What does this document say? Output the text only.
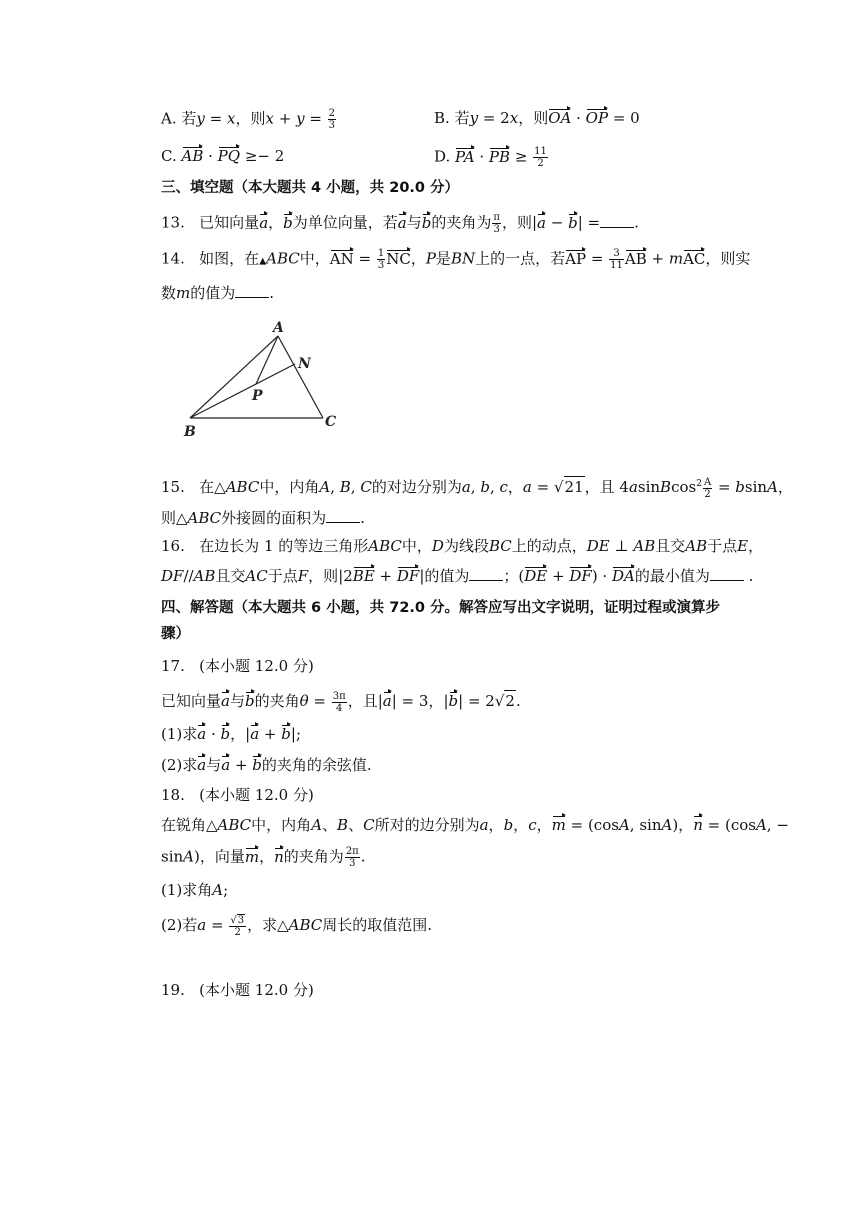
A. 若y = x，则$x + y = \frac{2}{3}$	B. 若y = 2x，则OA · OP = 0
C. AB · PQ ≥− 2	D. PA · PB ≥ $\frac{11}{2}$
三、填空题（本大题共 4 小题，共 20.0 分）
13. 已知向量a，b为单位向量，若a与b的夹角为 $\frac{\pi}{3}$ ，则|a − b| = .
14. 如图，在▲ABC中，AN = $\frac{1}{3}$ NC，P是BN上的一点，若AP = $\frac{3}{11}$ AB + mAC，则实
数m的值为 .
A
B
C
N
P
15. 在△ABC中，内角A, B, C的对边分别为a, b, c，a = √21，且 4asinBcos$^2$ $\frac{A}{2} = bsinA$，
则△ABC外接圆的面积为 .
16. 在边长为 1 的等边三角形ABC中，D为线段BC上的动点，DE ⊥ AB且交AB于点E，
DF//AB且交AC于点F，则|2BE + DF|的值为 ；(DE + DF) · DA的最小值为 .
四、解答题（本大题共 6 小题，共 72.0 分。解答应写出文字说明，证明过程或演算步
骤）
17. (本小题 12.0 分)
已知向量a与b的夹角$\theta = \frac{3\pi}{4}$ ，且|a| = 3，|b| = 2√2.
(1)求a · b，|a + b|;
(2)求a与a + b的夹角的余弦值.
18. (本小题 12.0 分)
在锐角△ABC中，内角A、B、C所对的边分别为a，b，c，m = (cosA, sinA)，n = (cosA, −
sinA)，向量m，n的夹角为 $\frac{2\pi}{3}$ .
(1)求角A;
(2)若$a = \frac{√3}{2}$ ，求△ABC周长的取值范围.
19. (本小题 12.0 分)
